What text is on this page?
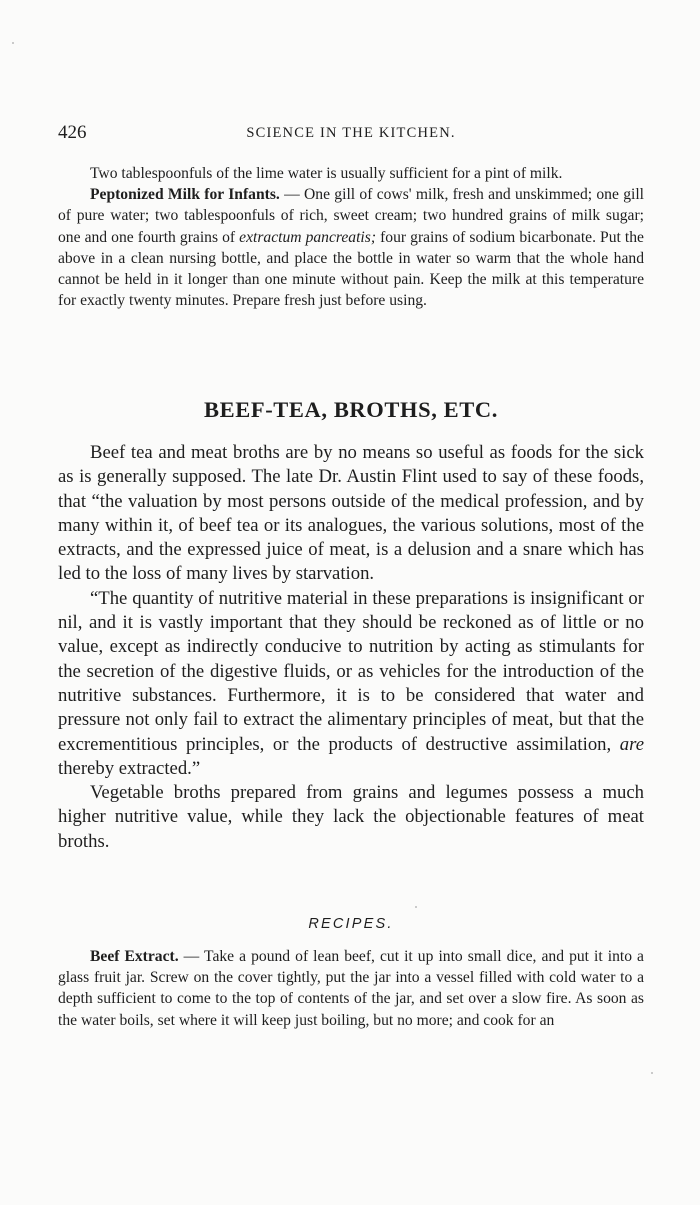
426	SCIENCE IN THE KITCHEN.

Two tablespoonfuls of the lime water is usually sufficient for a pint of milk.

Peptonized Milk for Infants. — One gill of cows' milk, fresh and unskimmed; one gill of pure water; two tablespoonfuls of rich, sweet cream; two hundred grains of milk sugar; one and one fourth grains of extractum pancreatis; four grains of sodium bicarbonate. Put the above in a clean nursing bottle, and place the bottle in water so warm that the whole hand cannot be held in it longer than one minute without pain. Keep the milk at this temperature for exactly twenty minutes. Prepare fresh just before using.

BEEF-TEA, BROTHS, ETC.

Beef tea and meat broths are by no means so useful as foods for the sick as is generally supposed. The late Dr. Austin Flint used to say of these foods, that “the valuation by most persons outside of the medical profession, and by many within it, of beef tea or its analogues, the various solutions, most of the extracts, and the expressed juice of meat, is a delusion and a snare which has led to the loss of many lives by starvation.

“The quantity of nutritive material in these preparations is insignificant or nil, and it is vastly important that they should be reckoned as of little or no value, except as indirectly conducive to nutrition by acting as stimulants for the secretion of the digestive fluids, or as vehicles for the introduction of the nutritive substances. Furthermore, it is to be considered that water and pressure not only fail to extract the alimentary principles of meat, but that the excrementitious principles, or the products of destructive assimilation, are thereby extracted.”

Vegetable broths prepared from grains and legumes possess a much higher nutritive value, while they lack the objectionable features of meat broths.

RECIPES.

Beef Extract. — Take a pound of lean beef, cut it up into small dice, and put it into a glass fruit jar. Screw on the cover tightly, put the jar into a vessel filled with cold water to a depth sufficient to come to the top of contents of the jar, and set over a slow fire. As soon as the water boils, set where it will keep just boiling, but no more; and cook for an
